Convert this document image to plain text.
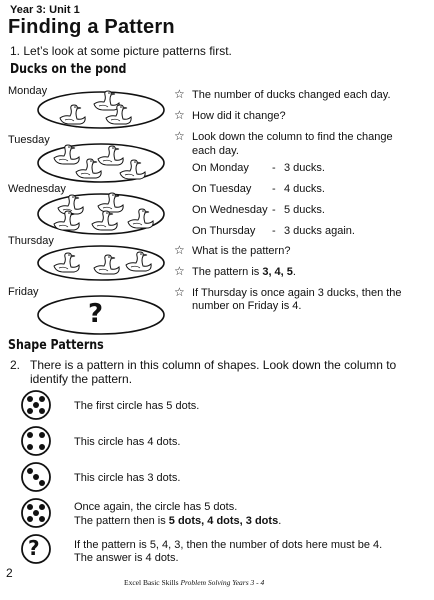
Year 3: Unit 1
Finding a Pattern
1. Let’s look at some picture patterns first.
Ducks on the pond
Monday
Tuesday
Wednesday
Thursday
Friday
?
☆ The number of ducks changed each day.
☆ How did it change?
☆ Look down the column to find the change each day.
On Monday - 3 ducks.
On Tuesday - 4 ducks.
On Wednesday - 5 ducks.
On Thursday - 3 ducks again.
☆ What is the pattern?
☆ The pattern is 3, 4, 5.
☆ If Thursday is once again 3 ducks, then the
number on Friday is 4.
Shape Patterns
2. There is a pattern in this column of shapes. Look down the column to
identify the pattern.
?
The first circle has 5 dots.
This circle has 4 dots.
This circle has 3 dots.
Once again, the circle has 5 dots.
The pattern then is 5 dots, 4 dots, 3 dots.
If the pattern is 5, 4, 3, then the number of dots here must be 4.
The answer is 4 dots.
2
Excel Basic Skills Problem Solving Years 3 - 4
